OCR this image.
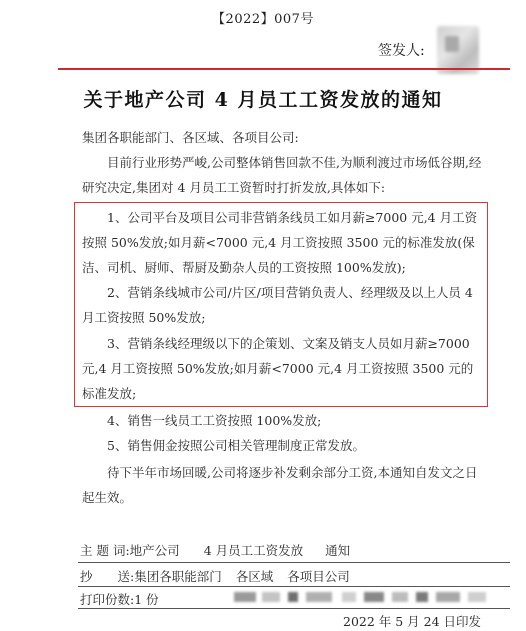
【2022】007号
签发人:
关于地产公司 4 月员工工资发放的通知
集团各职能部门、各区域、各项目公司:
目前行业形势严峻,公司整体销售回款不佳,为顺利渡过市场低谷期,经研究决定,集团对 4 月员工工资暂时打折发放,具体如下:
1、公司平台及项目公司非营销条线员工如月薪≥7000 元,4 月工资按照 50%发放;如月薪<7000 元,4 月工资按照 3500 元的标准发放(保洁、司机、厨师、帮厨及勤杂人员的工资按照 100%发放);
2、营销条线城市公司/片区/项目营销负责人、经理级及以上人员 4 月工资按照 50%发放;
3、营销条线经理级以下的企策划、文案及销支人员如月薪≥7000 元,4 月工资按照 50%发放;如月薪<7000 元,4 月工资按照 3500 元的标准发放;
4、销售一线员工工资按照 100%发放;
5、销售佣金按照公司相关管理制度正常发放。
待下半年市场回暖,公司将逐步补发剩余部分工资,本通知自发文之日起生效。
主 题 词:地产公司 4 月员工工资发放 通知
抄　　送:集团各职能部门 各区域 各项目公司
打印份数:1 份
2022 年 5 月 24 日印发
